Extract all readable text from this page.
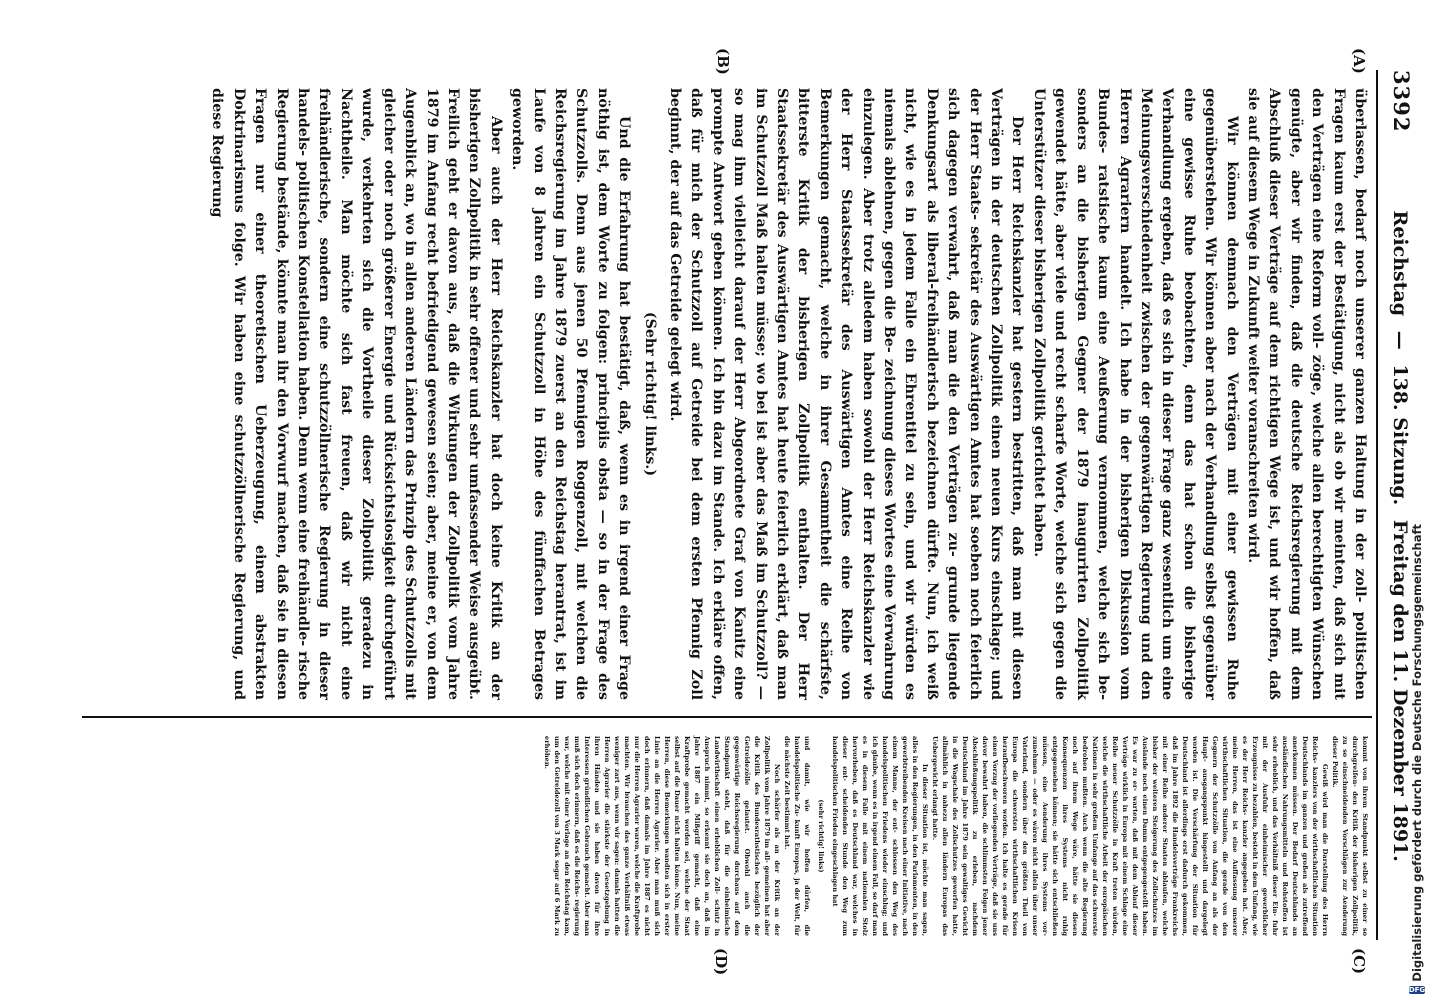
3392
Reichstag — 138. Sitzung. Freitag den 11. Dezember 1891.
(A)
(B)
(C)
(D)

überlassen, bedarf noch unserer ganzen Haltung in der zoll- politischen Fragen kaum erst der Bestätigung, nicht als ob wir meinten, daß sich mit den Verträgen eine Reform voll- zöge, welche allen berechtigten Wünschen genügte, aber wir finden, daß die deutsche Reichsregierung mit dem Abschluß dieser Verträge auf dem richtigen Wege ist, und wir hoffen, daß sie auf diesem Wege in Zukunft weiter voranschreiten wird.

Wir können demnach den Verträgen mit einer gewissen Ruhe gegenüberstehen. Wir können aber nach der Verhandlung selbst gegenüber eine gewisse Ruhe beobachten, denn das hat schon die bisherige Verhandlung ergeben, daß es sich in dieser Frage ganz wesentlich um eine Meinungsverschiedenheit zwischen der gegenwärtigen Regierung und den Herren Agrariern handelt. Ich habe in der bisherigen Diskussion vom Bundes- ratstische kaum eine Aeußerung vernommen, welche sich be- sonders an die bisherigen Gegner der 1879 inaugurirten Zollpolitik gewendet hätte, aber viele und recht scharfe Worte, welche sich gegen die Unterstützer dieser bisherigen Zollpolitik gerichtet haben.

Der Herr Reichskanzler hat gestern bestritten, daß man mit diesen Verträgen in der deutschen Zollpolitik einen neuen Kurs einschlage; und der Herr Staats- sekretär des Auswärtigen Amtes hat soeben noch feierlich sich dagegen verwahrt, daß man die den Verträgen zu- grunde liegende Denkungsart als liberal-freihändlerisch bezeichnen dürfte. Nun, ich weiß nicht, wie es in jedem Falle ein Ehrentitel zu sein, und wir würden es niemals ablehnen, gegen die Be- zeichnung dieses Wortes eine Verwahrung einzulegen. Aber trotz alledem haben sowohl der Herr Reichskanzler wie der Herr Staatssekretär des Auswärtigen Amtes eine Reihe von Bemerkungen gemacht, welche in ihrer Gesammtheit die schärfste, bitterste Kritik der bisherigen Zollpolitik enthalten. Der Herr Staatssekretär des Auswärtigen Amtes hat heute feierlich erklärt, daß man im Schutzzoll Maß halten müsse; wo bei ist aber das Maß im Schutzzoll? — so mag ihm vielleicht darauf der Herr Abgeordnete Graf von Kanitz eine prompte Antwort geben können. Ich bin dazu im Stande. Ich erkläre offen, daß für mich der Schutzzoll auf Getreide bei dem ersten Pfennig Zoll beginnt, der auf das Getreide gelegt wird.

(Sehr richtig! links.)

Und die Erfahrung hat bestätigt, daß, wenn es in irgend einer Frage nöthig ist, dem Worte zu folgen: principiis obsta — so in der Frage des Schutzzolls. Denn aus jenen 50 Pfennigen Roggenzoll, mit welchen die Reichsregierung im Jahre 1879 zuerst an den Reichstag herantrat, ist im Laufe von 8 Jahren ein Schutzzoll in Höhe des fünffachen Betrages geworden.

Aber auch der Herr Reichskanzler hat doch keine Kritik an der bisherigen Zollpolitik in sehr offener und sehr umfassender Weise ausgeübt. Freilich geht er davon aus, daß die Wirkungen der Zollpolitik vom Jahre 1879 im Anfang recht befriedigend gewesen seien; aber, meine er, von dem Augenblick an, wo in allen anderen Ländern das Prinzip des Schutzzolls mit gleicher oder noch größerer Energie und Rücksichtslosigkeit durchgeführt wurde, verkehrten sich die Vortheile dieser Zollpolitik geradezu in Nachtheile. Man möchte sich fast freuen, daß wir nicht eine freihändlerische, sondern eine schutzzöllnerische Regierung in dieser handels- politischen Konstellation haben. Denn wenn eine freihändle- rische Regierung bestände, könnte man ihr den Vorwurf machen, daß sie in diesen Fragen nur einer theoretischen Ueberzeugung, einem abstrakten Doktrinarismus folge. Wir haben eine schutzzöllnerische Regierung, und diese Regierung

kommt von ihrem Standpunkt selbst zu einer so durchgreifen- den Kritik der bisherigen Zollpolitik, zu so einschneidenden Vorschlägen zur Aenderung dieser Politik.

Gewiß wird man die Darstellung des Herrn Reichs- kanzlers von der wirthschaftlichen Situation Deutschlands im ganzen und großen als zutreffend anerkennen müssen. Der Bedarf Deutschlands an ausländischen Nahrungsmitteln und Rohstoffen ist sehr erheblich, und das Verhältniß dieser Ein- fuhr mit der Ausfuhr einheimischer gewerblicher Erzeugnisse zu bezahlen, besteht in dem Umfang, wie es der Herr Reichs- kanzler angegeben hat. Aber, meine Herren, das ist eine Auffassung unserer wirthschaftlichen Situation, die gerade von den Gegnern der Schutzzölle von Anfang an als der Haupt- ausgangspunkt hingestellt und dargelegt worden ist. Die Verschärfung der Situation für Deutschland ist allerdings erst dadurch gekommen, daß im Jahre 1892 die Handelsverträge Frankreichs mit einer Reihe anderer Staaten ablaufen, welche bisher der weiteren Steigerung des Zollschutzes im Auslande noch einen Damm entgegengestellt haben. Es war zu er- warten, daß mit dem Ablauf dieser Verträge wirklich in Europa mit einem Schlage eine Reihe neuer Schutzzölle in Kraft treten würden, welche die wirthschaftliche Arbeit der europäischen Nationen in sehr großem Umfange auf das schwerste bedrohen mußten. Auch wenn die alte Regierung noch auf ihrem Wege wäre, hätte sie diesen Konsequenzen ihres Systems nicht ruhig entgegensehen können; sie hätte sich entschließen müssen, eine Aenderung ihres Systems vor- zunehmen — oder es wären nicht allein über unser Vaterland, sondern über den größten Theil von Europa die schwersten wirthschaftlichen Krisen heraufbeschworen worden. Ich halte es gerade für einen Vorzug der vorliegenden Verträge, daß sie uns davor bewahrt haben, die schlimmsten Folgen jener Abschließungspolitik zu erleben, nachdem Deutschland im Jahre 1879 sein gewaltiges Gewicht in die Wagschale des Zollschutzes geworfen hatte, allmählich in nahezu allen ländern Europas das Uebergewicht erlangt hatte.

In dieser Situation ist, möchte man sagen, alles in den Regierungen, in den Parlamenten, in den gewerbtreibenden Kreisen nach einer Initiative, nach einem Manne, der ent- schlossen den Weg des handelspolitischen Friedens wieder einschlug; und ich glaube, wenn es in irgend einem Fall, so darf man es in diesem Falle mit einem nationalen Stolz hervorheben, daß es Deutschland war, welches in dieser ent- scheidenden Stunde den Weg zum handelspolitischen Frieden eingeschlagen hat

(sehr richtig! links)

und damit, wie wir hoffen dürfen, die handelspolitische Zu- kunft Europas, ja der Welt, für die nächste Zeit bestimmt hat.

Noch schärfer als an der Kritik an der Zollpolitik vom Jahre 1879 im all- gemeinen hat aber die Kritik des Bundesrathstisches bezüglich der Getreidezölle gelautet. Obwohl auch die gegenwärtige Reichsregierung durchaus auf dem Standpunkt steht, daß für die einheimische Landwirthschaft einen erheblichen Zoll- schutz in Anspruch nimmt, so erkennt sie doch an, daß im Jahre 1887 ein Mißgriff gemacht, daß eine Kraftprobe gemacht worden sei, welche der Staat selbst auf die Dauer nicht halten könne. Nun, meine Herren, diese Bemerkungen wandten sich in erster Linie an die Herren Agrarier. Aber man muß sich doch erinnern, daß damals im Jahre 1887 es nicht nur die Herren Agrarier waren, welche die Kraftprobe machten. Wir brauchen das ganze Verhältniß etwas weniger zart aus, wenn wir sagen: damals hatten die Herren Agrarier die stärkste der Gesetzgebung in ihren Händen und sie haben davon für ihre Interessen gründlichen Gebrauch gemacht. Aber man muß sich doch erinnern, daß es die Reichs- regierung war, welche mit einer Vorlage an den Reichstag kam, um den Getreidezoll von 3 Mark sogar auf 6 Mark zu erhöhen.	Digitalisierung gefördert durch die Deutsche Forschungsgemeinschaft
DFG
